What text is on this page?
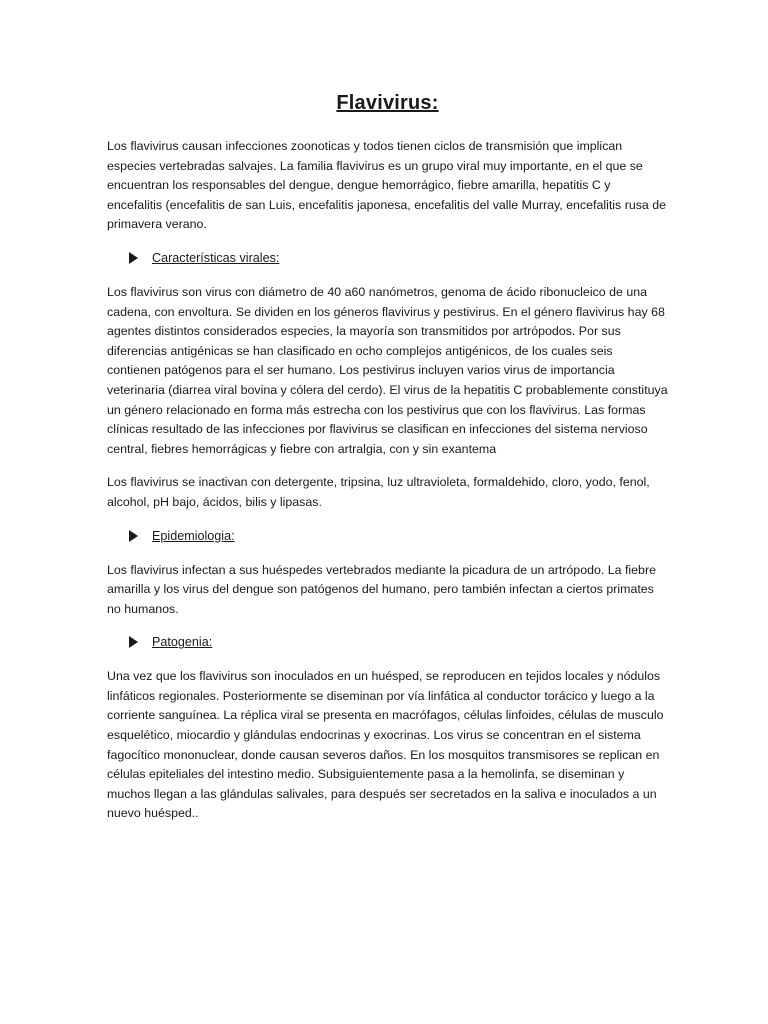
Flavivirus:

Los flavivirus causan infecciones zoonoticas y todos tienen ciclos de transmisión que implican especies vertebradas salvajes. La familia flavivirus es un grupo viral muy importante, en el que se encuentran los responsables del dengue, dengue hemorrágico, fiebre amarilla, hepatitis C y encefalitis (encefalitis de san Luis, encefalitis japonesa, encefalitis del valle Murray, encefalitis rusa de primavera verano.

Características virales:

Los flavivirus son virus con diámetro de 40 a60 nanómetros, genoma de ácido ribonucleico de una cadena, con envoltura. Se dividen en los géneros flavivirus y pestivirus. En el género flavivirus hay 68 agentes distintos considerados especies, la mayoría son transmitidos por artrópodos. Por sus diferencias antigénicas se han clasificado en ocho complejos antigénicos, de los cuales seis contienen patógenos para el ser humano. Los pestivirus incluyen varios virus de importancia veterinaria (diarrea viral bovina y cólera del cerdo). El virus de la hepatitis C probablemente constituya un género relacionado en forma más estrecha con los pestivirus que con los flavivirus. Las formas clínicas resultado de las infecciones por flavivirus se clasifican en infecciones del sistema nervioso central, fiebres hemorrágicas y fiebre con artralgia, con y sin exantema

Los flavivirus se inactivan con detergente, tripsina, luz ultravioleta, formaldehido, cloro, yodo, fenol, alcohol, pH bajo, ácidos, bilis y lipasas.

Epidemiologia:

Los flavivirus infectan a sus huéspedes vertebrados mediante la picadura de un artrópodo. La fiebre amarilla y los virus del dengue son patógenos del humano, pero también infectan a ciertos primates no humanos.

Patogenia:

Una vez que los flavivirus son inoculados en un huésped, se reproducen en tejidos locales y nódulos linfáticos regionales. Posteriormente se diseminan por vía linfática al conductor torácico y luego a la corriente sanguínea. La réplica viral se presenta en macrófagos, células linfoides, células de musculo esquelético, miocardio y glándulas endocrinas y exocrinas. Los virus se concentran en el sistema fagocítico mononuclear, donde causan severos daños. En los mosquitos transmisores se replican en células epiteliales del intestino medio. Subsiguientemente pasa a la hemolinfa, se diseminan y muchos llegan a las glándulas salivales, para después ser secretados en la saliva e inoculados a un nuevo huésped..
